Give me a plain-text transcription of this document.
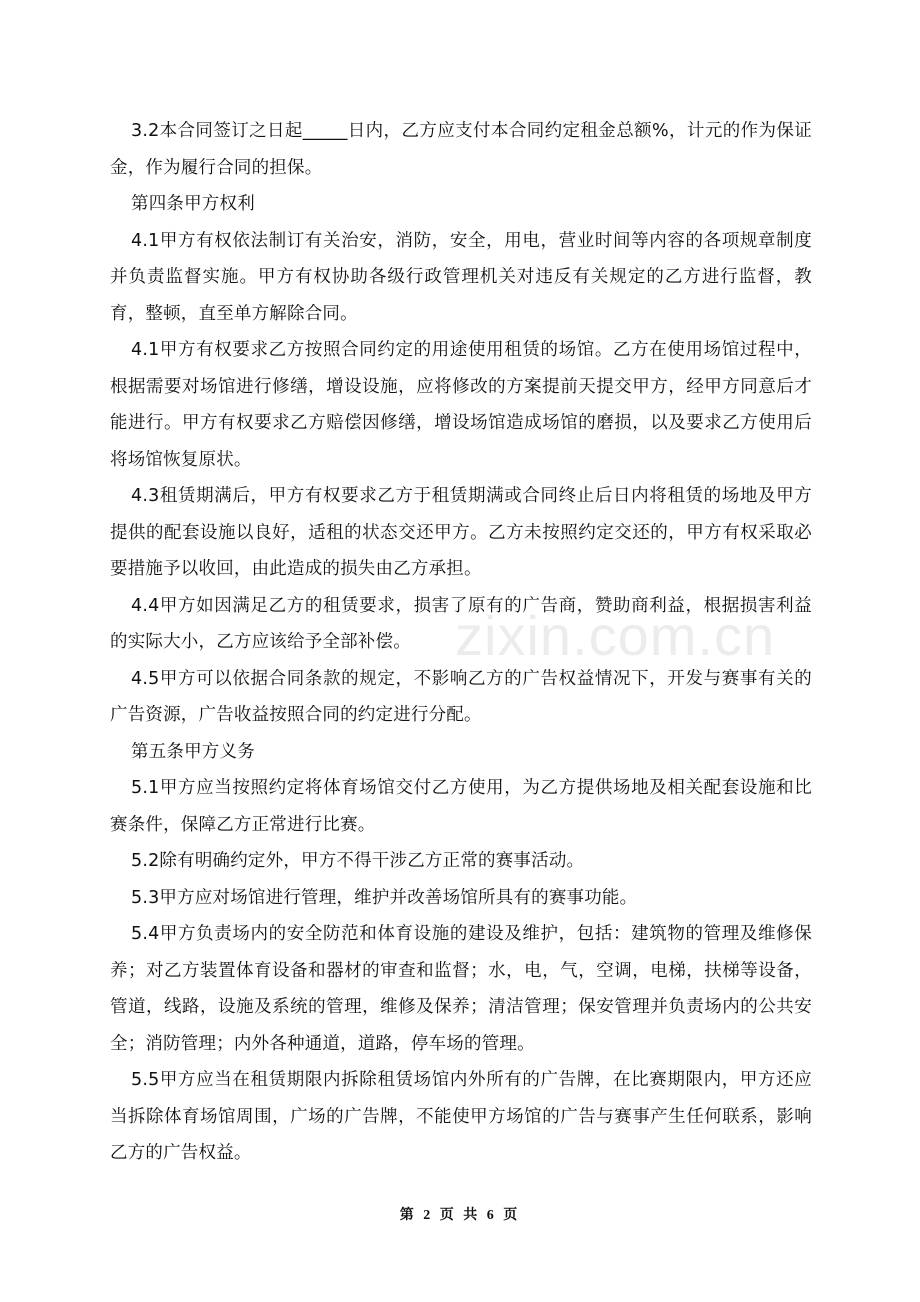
3.2本合同签订之日起_____日内，乙方应支付本合同约定租金总额%，计元的作为保证金，作为履行合同的担保。

第四条甲方权利

4.1甲方有权依法制订有关治安，消防，安全，用电，营业时间等内容的各项规章制度并负责监督实施。甲方有权协助各级行政管理机关对违反有关规定的乙方进行监督，教育，整顿，直至单方解除合同。

4.1甲方有权要求乙方按照合同约定的用途使用租赁的场馆。乙方在使用场馆过程中，根据需要对场馆进行修缮，增设设施，应将修改的方案提前天提交甲方，经甲方同意后才能进行。甲方有权要求乙方赔偿因修缮，增设场馆造成场馆的磨损，以及要求乙方使用后将场馆恢复原状。

4.3租赁期满后，甲方有权要求乙方于租赁期满或合同终止后日内将租赁的场地及甲方提供的配套设施以良好，适租的状态交还甲方。乙方未按照约定交还的，甲方有权采取必要措施予以收回，由此造成的损失由乙方承担。

4.4甲方如因满足乙方的租赁要求，损害了原有的广告商，赞助商利益，根据损害利益的实际大小，乙方应该给予全部补偿。

4.5甲方可以依据合同条款的规定，不影响乙方的广告权益情况下，开发与赛事有关的广告资源，广告收益按照合同的约定进行分配。

第五条甲方义务

5.1甲方应当按照约定将体育场馆交付乙方使用，为乙方提供场地及相关配套设施和比赛条件，保障乙方正常进行比赛。

5.2除有明确约定外，甲方不得干涉乙方正常的赛事活动。

5.3甲方应对场馆进行管理，维护并改善场馆所具有的赛事功能。

5.4甲方负责场内的安全防范和体育设施的建设及维护，包括：建筑物的管理及维修保养；对乙方装置体育设备和器材的审查和监督；水，电，气，空调，电梯，扶梯等设备，管道，线路，设施及系统的管理，维修及保养；清洁管理；保安管理并负责场内的公共安全；消防管理；内外各种通道，道路，停车场的管理。

5.5甲方应当在租赁期限内拆除租赁场馆内外所有的广告牌，在比赛期限内，甲方还应当拆除体育场馆周围，广场的广告牌，不能使甲方场馆的广告与赛事产生任何联系，影响乙方的广告权益。

zixin.com.cn
第 2 页 共 6 页
